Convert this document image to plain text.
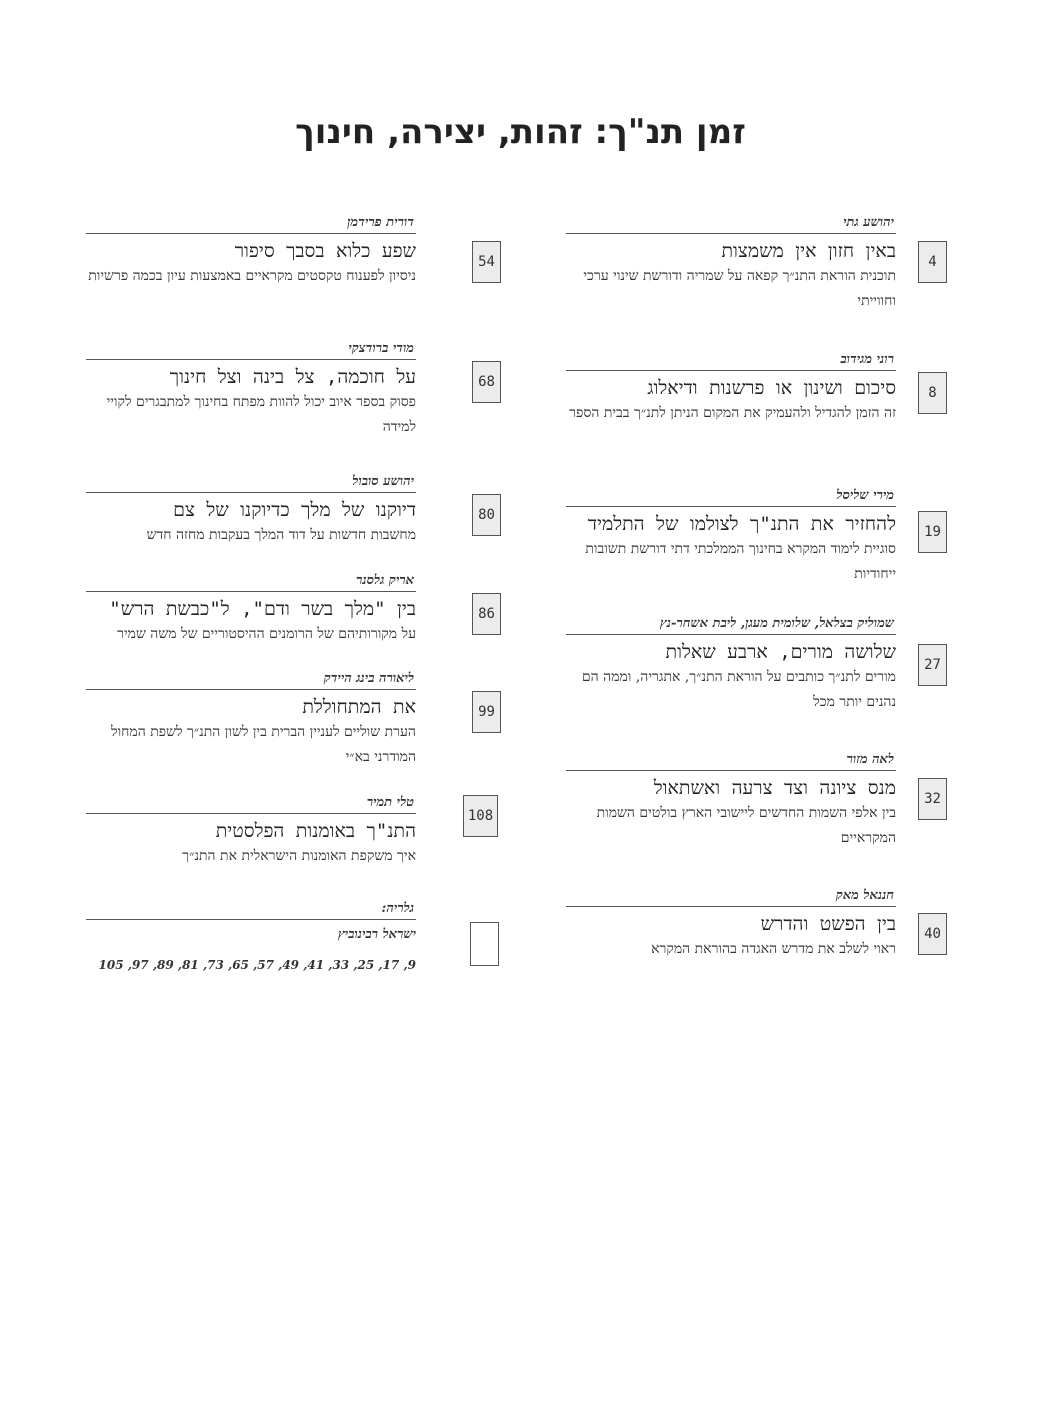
זמן תנ"ך: זהות, יצירה, חינוך
יהושע גתי
4
באין חזון אין משמצות
תוכנית הוראת התנ״ך קפאה על שמריה ודורשת שינוי ערכי וחווייתי
רוני מגידוב
8
סיכום ושינון או פרשנות ודיאלוג
זה הזמן להגדיל ולהעמיק את המקום הניתן לתנ״ך בבית הספר
מירי שליסל
19
להחזיר את התנ"ך לצולמו של התלמיד
סוגיית לימוד המקרא בחינוך הממלכתי דתי דורשת תשובות ייחודיות
שמוליק בצלאל, שלומית מעגן, ליבת אשחר-נץ
27
שלושה מורים, ארבע שאלות
מורים לתנ״ך כותבים על הוראת התנ״ך, אתגריה, וממה הם נהנים יותר מכל
לאה מזור
32
מנס ציונה וצד צרעה ואשתאול
בין אלפי השמות החדשים ליישובי הארץ בולטים השמות המקראיים
חננאל מאק
40
בין הפשט והדרש
ראוי לשלב את מדרש האגדה בהוראת המקרא
דורית פרידמן
54
שפע כלוא בסבך סיפור
ניסיון לפענוח טקסטים מקראיים באמצעות עיון בכמה פרשיות
מודי ברודצקי
68
על חוכמה, צל בינה וצל חינוך
פסוק בספר איוב יכול להוות מפתח בחינוך למתבגרים לקויי למידה
יהושע סובול
80
דיוקנו של מלך כדיוקנו של צם
מחשבות חדשות על דוד המלך בעקבות מחזה חדש
אריק גלסנר
86
בין "מלך בשר ודם", ל"כבשת הרש"
על מקורותיהם של הרומנים ההיסטוריים של משה שמיר
ליאורה בינג היידק
99
את המתחוללת
הערת שוליים לעניין הברית בין לשון התנ״ך לשפת המחול המודרני בא״י
טלי תמיר
108
התנ"ך באומנות הפלסטית
איך משקפת האומנות הישראלית את התנ״ך
גלריה:
ישראל רבינוביץ
9, 17, 25, 33, 41, 49, 57, 65, 73, 81, 89, 97, 105
